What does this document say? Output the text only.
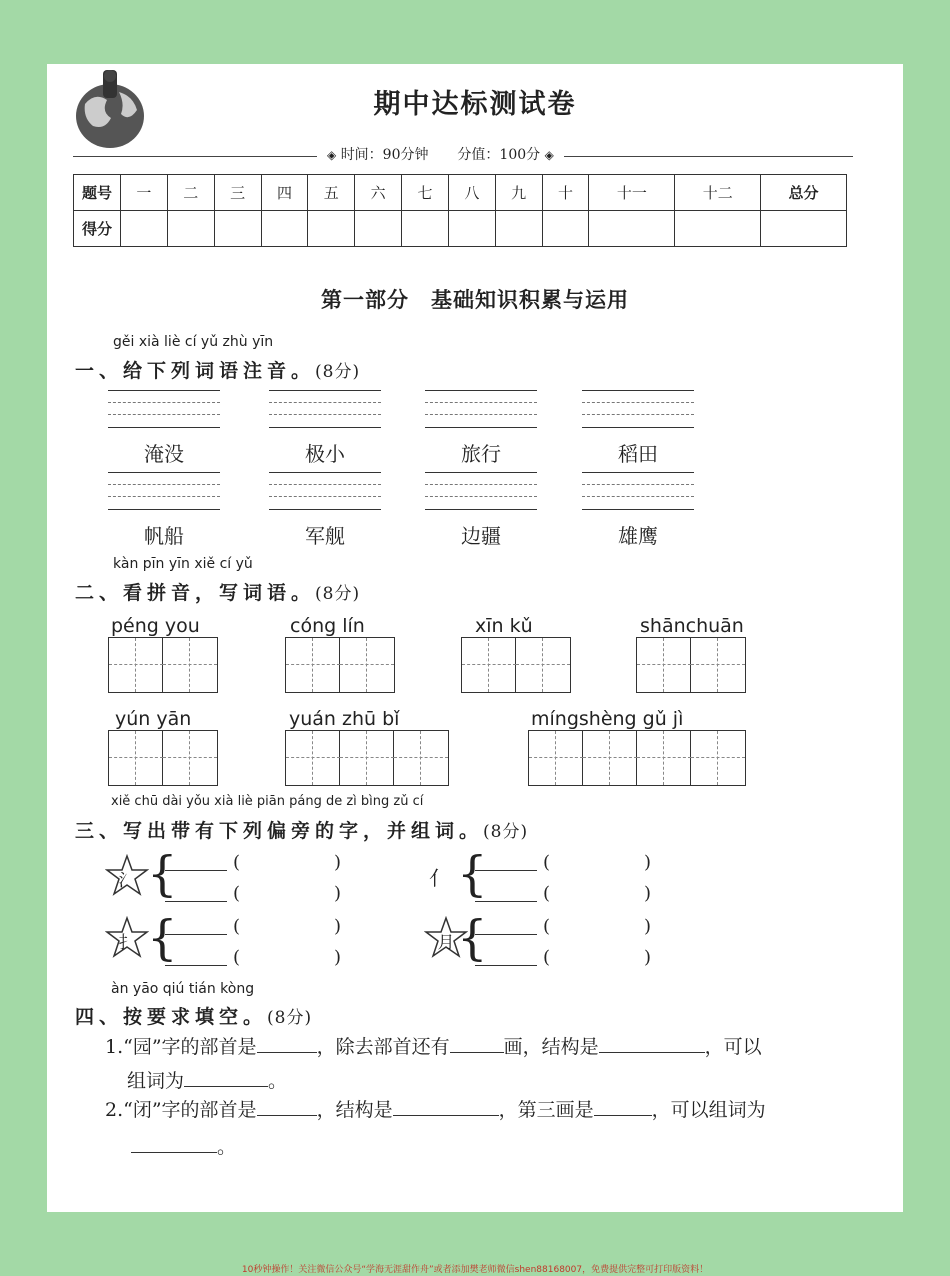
期中达标测试卷
◈ 时间：90分钟 分值：100分 ◈
题号	一	二	三	四	五	六	七	八	九	十	十一	十二	总分
得分													
第一部分　基础知识积累与运用
gěi xià liè cí yǔ zhù yīn
一、给下列词语注音。(8分)
淹没	极小	旅行	稻田
帆船	军舰	边疆	雄鹰
kàn pīn yīn xiě cí yǔ
二、看拼音，写词语。(8分)
péng you	cóng lín	xīn kǔ	shānchuān
yún yān	yuán zhū bǐ	míngshèng gǔ jì
xiě chū dài yǒu xià liè piān páng de zì bìng zǔ cí
三、写出带有下列偏旁的字，并组词。(8分)
氵 {	(	)
(	)
亻 {	(	)
(	)
扌 {	(	)
(	)
月 {	(	)
(	)
àn yāo qiú tián kòng
四、按要求填空。(8分)
1.“园”字的部首是	，除去部首还有	画，结构是	，可以
组词为	。
2.“闭”字的部首是	，结构是	，第三画是	，可以组词为
。
10秒钟操作！关注微信公众号“学海无涯甜作舟”或者添加樊老师微信shen88168007，免费提供完整可打印版资料！
